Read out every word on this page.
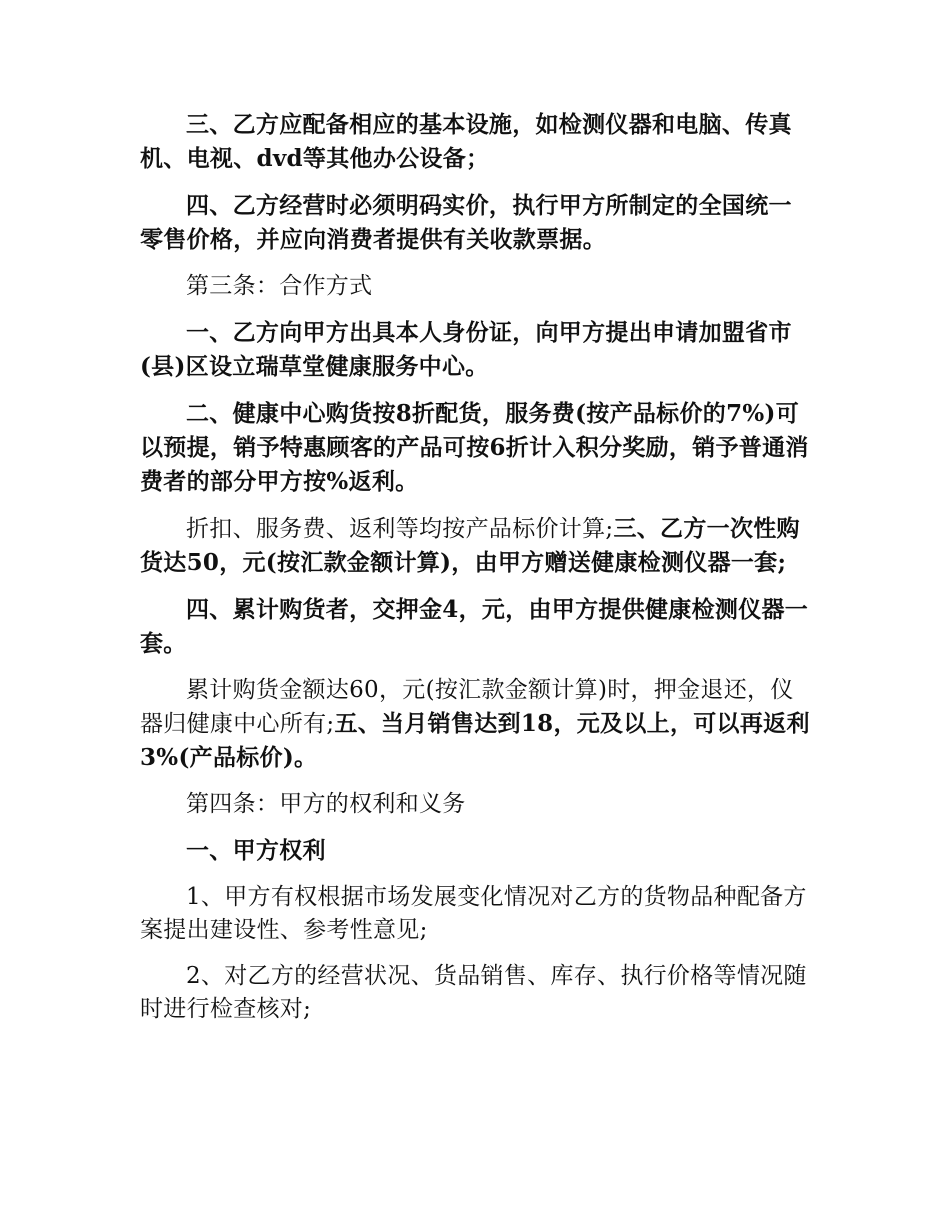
三、乙方应配备相应的基本设施，如检测仪器和电脑、传真机、电视、dvd等其他办公设备；

四、乙方经营时必须明码实价，执行甲方所制定的全国统一零售价格，并应向消费者提供有关收款票据。

第三条：合作方式

一、乙方向甲方出具本人身份证，向甲方提出申请加盟省市(县)区设立瑞草堂健康服务中心。

二、健康中心购货按8折配货，服务费(按产品标价的7%)可以预提，销予特惠顾客的产品可按6折计入积分奖励，销予普通消费者的部分甲方按%返利。

折扣、服务费、返利等均按产品标价计算;三、乙方一次性购货达50，元(按汇款金额计算)，由甲方赠送健康检测仪器一套;

四、累计购货者，交押金4，元，由甲方提供健康检测仪器一套。

累计购货金额达60，元(按汇款金额计算)时，押金退还，仪器归健康中心所有;五、当月销售达到18，元及以上，可以再返利3%(产品标价)。

第四条：甲方的权利和义务

一、甲方权利

1、甲方有权根据市场发展变化情况对乙方的货物品种配备方案提出建设性、参考性意见;

2、对乙方的经营状况、货品销售、库存、执行价格等情况随时进行检查核对;
